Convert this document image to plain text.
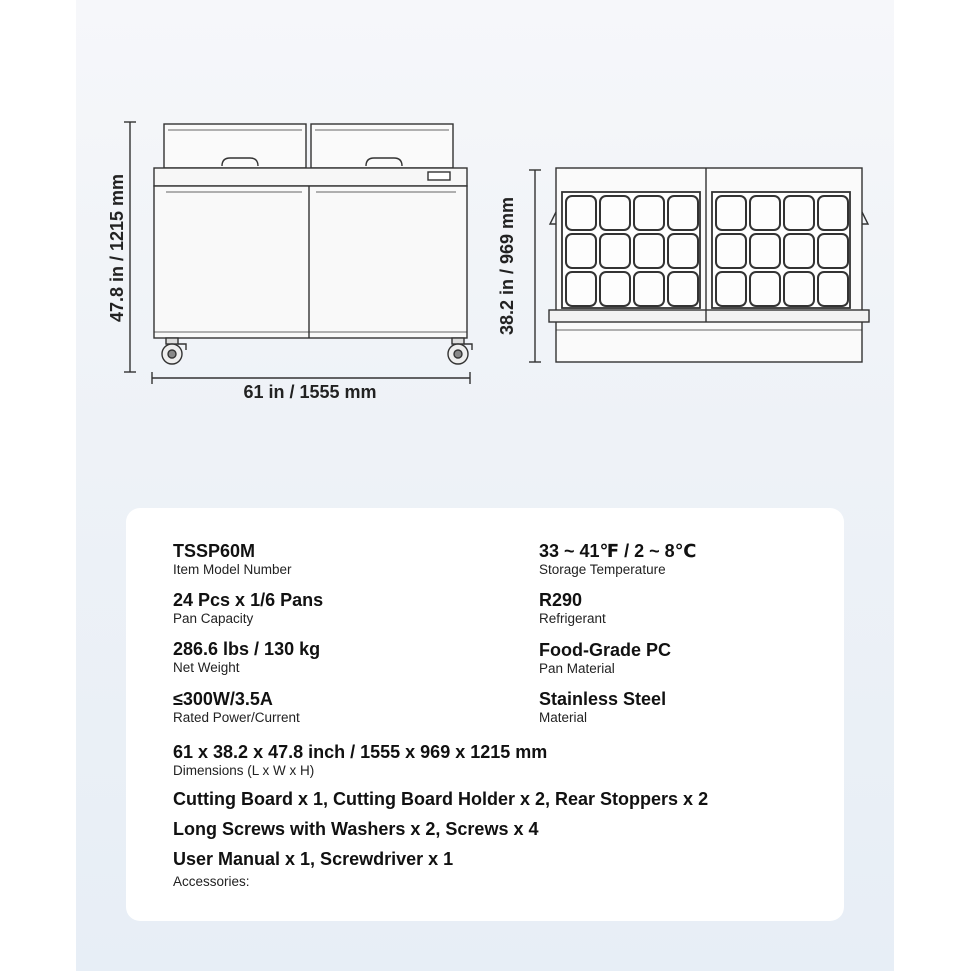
47.8 in / 1215 mm
61 in / 1555 mm
38.2 in / 969 mm
TSSP60M
Item Model Number
24 Pcs x 1/6 Pans
Pan Capacity
286.6 lbs / 130 kg
Net Weight
≤300W/3.5A
Rated Power/Current
33 ~ 41℉ / 2 ~ 8℃
Storage Temperature
R290
Refrigerant
Food-Grade PC
Pan Material
Stainless Steel
Material
61 x 38.2 x 47.8 inch / 1555 x 969 x 1215 mm
Dimensions (L x W x H)
Cutting Board x 1, Cutting Board Holder x 2, Rear Stoppers x 2
Long Screws with Washers x 2, Screws x 4
User Manual x 1, Screwdriver x 1
Accessories:
